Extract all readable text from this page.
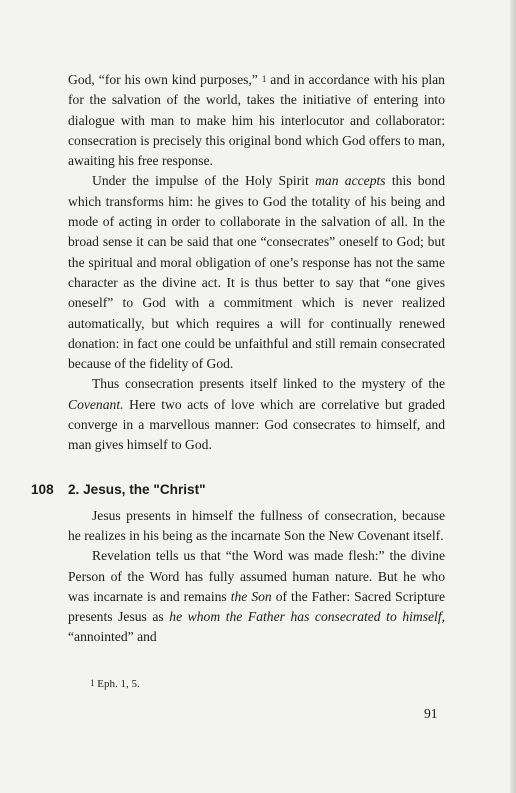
God, “for his own kind purposes,” $^1$ and in accordance with his plan for the salvation of the world, takes the initiative of entering into dialogue with man to make him his interlocutor and collaborator: consecration is precisely this original bond which God offers to man, awaiting his free response.

Under the impulse of the Holy Spirit man accepts this bond which transforms him: he gives to God the totality of his being and mode of acting in order to collaborate in the salvation of all. In the broad sense it can be said that one “consecrates” oneself to God; but the spiritual and moral obligation of one’s response has not the same character as the divine act. It is thus better to say that “one gives oneself” to God with a commitment which is never realized automatically, but which requires a will for continually renewed donation: in fact one could be unfaithful and still remain consecrated because of the fidelity of God.

Thus consecration presents itself linked to the mystery of the Covenant. Here two acts of love which are correlative but graded converge in a marvellous manner: God consecrates to himself, and man gives himself to God.

108 2. Jesus, the "Christ"

Jesus presents in himself the fullness of consecration, because he realizes in his being as the incarnate Son the New Covenant itself.

Revelation tells us that “the Word was made flesh:” the divine Person of the Word has fully assumed human nature. But he who was incarnate is and remains the Son of the Father: Sacred Scripture presents Jesus as he whom the Father has consecrated to himself, “annointed” and

$^1$ Eph. 1, 5.
91
